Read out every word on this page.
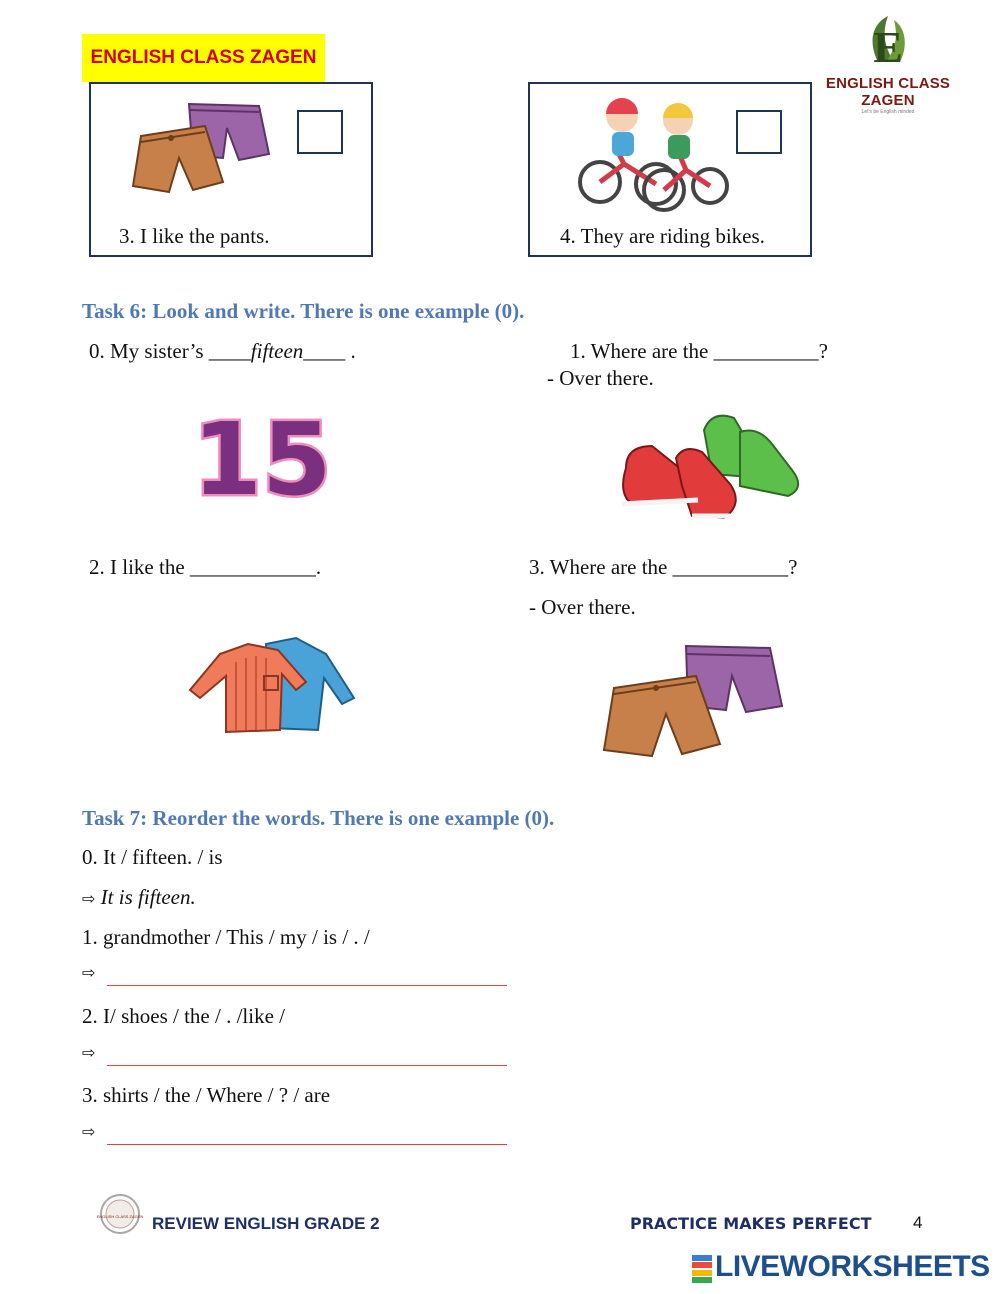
ENGLISH CLASS ZAGEN	E
ENGLISH CLASS ZAGEN
Let's be English minded
3. I like the pants.	4. They are riding bikes.
Task 6: Look and write. There is one example (0).
0. My sister’s ____fifteen____ .
15
1. Where are the __________?
- Over there.
2. I like the ____________.	3. Where are the ___________?
- Over there.
Task 7: Reorder the words. There is one example (0).
0. It / fifteen. / is
⇨ It is fifteen.
1. grandmother / This / my / is / . /
⇨
2. I/ shoes / the / . /like /
⇨
3. shirts / the / Where / ? / are
⇨
ENGLISH CLASS ZAGEN REVIEW ENGLISH GRADE 2	PRACTICE MAKES PERFECT 4
LIVEWORKSHEETS
